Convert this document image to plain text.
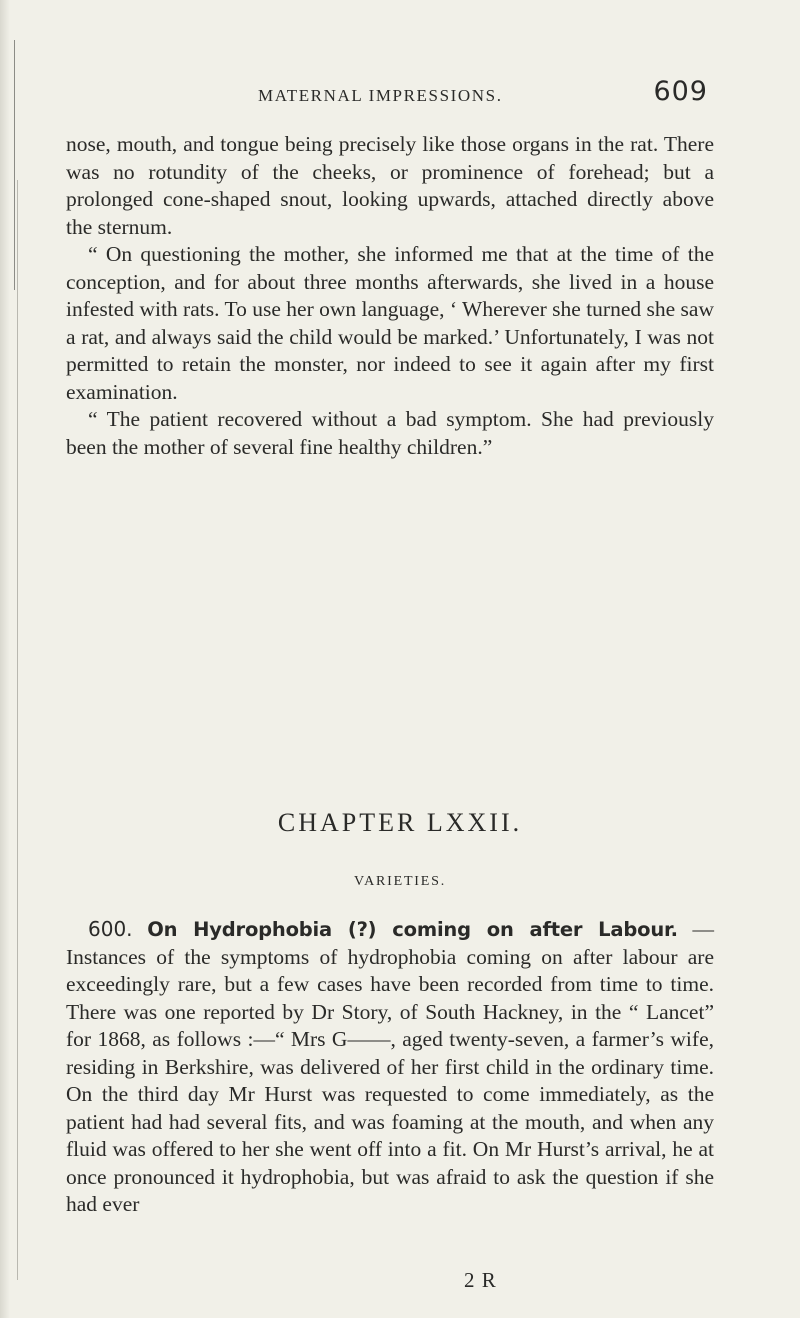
MATERNAL IMPRESSIONS.	609

nose, mouth, and tongue being precisely like those organs in the rat. There was no rotundity of the cheeks, or prominence of forehead; but a prolonged cone-shaped snout, looking upwards, attached directly above the sternum.

“ On questioning the mother, she informed me that at the time of the conception, and for about three months afterwards, she lived in a house infested with rats. To use her own language, ‘ Wherever she turned she saw a rat, and always said the child would be marked.’ Unfortunately, I was not permitted to retain the monster, nor indeed to see it again after my first examination.

“ The patient recovered without a bad symptom. She had previously been the mother of several fine healthy children.”

CHAPTER LXXII.
VARIETIES.

600. On Hydrophobia (?) coming on after Labour. —Instances of the symptoms of hydrophobia coming on after labour are exceedingly rare, but a few cases have been recorded from time to time. There was one reported by Dr Story, of South Hackney, in the “ Lancet” for 1868, as follows :—“ Mrs G——, aged twenty-seven, a farmer’s wife, residing in Berkshire, was delivered of her first child in the ordinary time. On the third day Mr Hurst was requested to come immediately, as the patient had had several fits, and was foaming at the mouth, and when any fluid was offered to her she went off into a fit. On Mr Hurst’s arrival, he at once pronounced it hydrophobia, but was afraid to ask the question if she had ever

2 R
